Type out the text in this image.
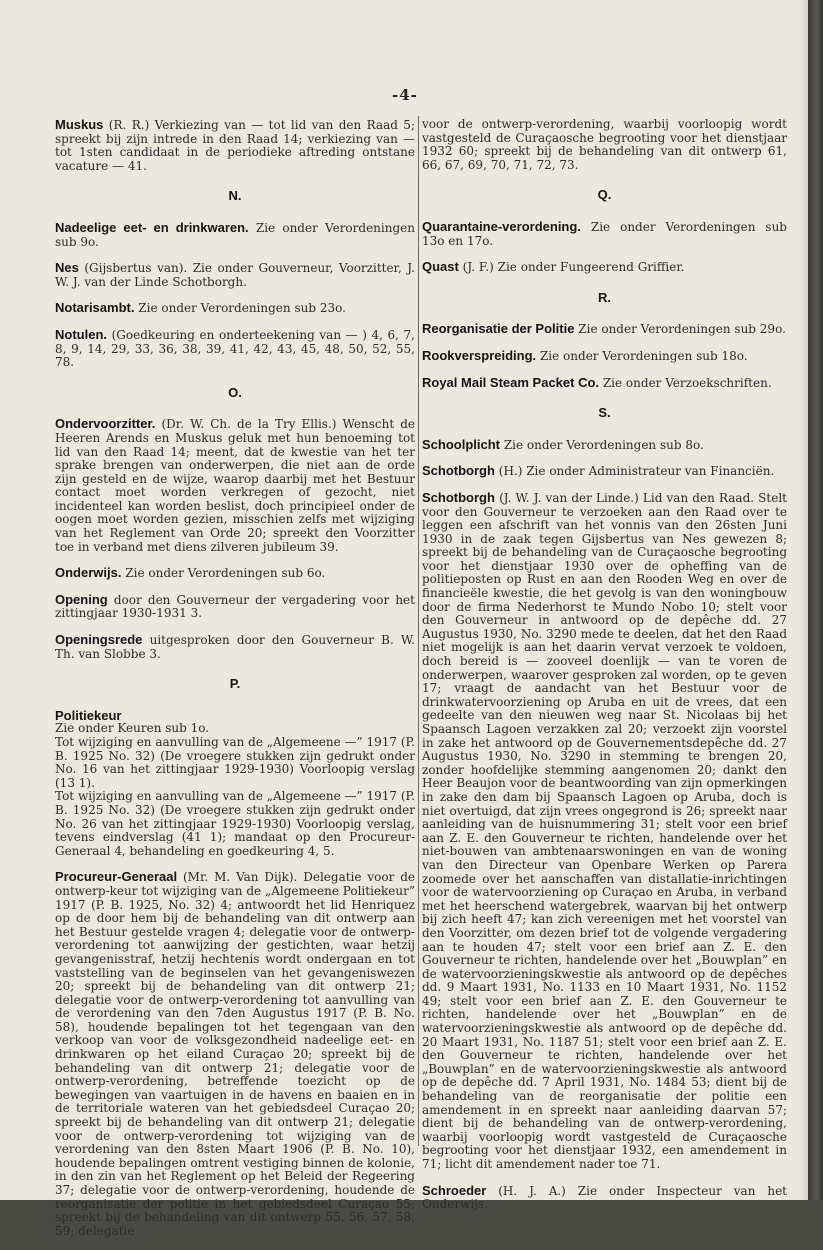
-4-
Muskus (R. R.) Verkiezing van — tot lid van den Raad 5; spreekt bij zijn intrede in den Raad 14; verkiezing van — tot 1sten candidaat in de periodieke aftreding ontstane vacature — 41.
N.
Nadeelige eet- en drinkwaren. Zie onder Verordeningen sub 9o.
Nes (Gijsbertus van). Zie onder Gouverneur, Voorzitter, J. W. J. van der Linde Schotborgh.
Notarisambt. Zie onder Verordeningen sub 23o.
Notulen. (Goedkeuring en onderteekening van — ) 4, 6, 7, 8, 9, 14, 29, 33, 36, 38, 39, 41, 42, 43, 45, 48, 50, 52, 55, 78.
O.
Ondervoorzitter. (Dr. W. Ch. de la Try Ellis.) Wenscht de Heeren Arends en Muskus geluk met hun benoeming tot lid van den Raad 14; meent, dat de kwestie van het ter sprake brengen van onderwerpen, die niet aan de orde zijn gesteld en de wijze, waarop daarbij met het Bestuur contact moet worden verkregen of gezocht, niet incidenteel kan worden beslist, doch principieel onder de oogen moet worden gezien, misschien zelfs met wijziging van het Reglement van Orde 20; spreekt den Voorzitter toe in verband met diens zilveren jubileum 39.
Onderwijs. Zie onder Verordeningen sub 6o.
Opening door den Gouverneur der vergadering voor het zittingjaar 1930-1931 3.
Openingsrede uitgesproken door den Gouverneur B. W. Th. van Slobbe 3.
P.
Politiekeur
Zie onder Keuren sub 1o.
Tot wijziging en aanvulling van de „Algemeene —” 1917 (P. B. 1925 No. 32) (De vroegere stukken zijn gedrukt onder No. 16 van het zittingjaar 1929-1930) Voorloopig verslag (13 1).
Tot wijziging en aanvulling van de „Algemeene —” 1917 (P. B. 1925 No. 32) (De vroegere stukken zijn gedrukt onder No. 26 van het zittingjaar 1929-1930) Voorloopig verslag, tevens eindverslag (41 1); mandaat op den Procureur-Generaal 4, behandeling en goedkeuring 4, 5.
Procureur-Generaal (Mr. M. Van Dijk). Delegatie voor de ontwerp-keur tot wijziging van de „Algemeene Politiekeur” 1917 (P. B. 1925, No. 32) 4; antwoordt het lid Henriquez op de door hem bij de behandeling van dit ontwerp aan het Bestuur gestelde vragen 4; delegatie voor de ontwerp-verordening tot aanwijzing der gestichten, waar hetzij gevangenisstraf, hetzij hechtenis wordt ondergaan en tot vaststelling van de beginselen van het gevangeniswezen 20; spreekt bij de behandeling van dit ontwerp 21; delegatie voor de ontwerp-verordening tot aanvulling van de verordening van den 7den Augustus 1917 (P. B. No. 58), houdende bepalingen tot het tegengaan van den verkoop van voor de volksgezondheid nadeelige eet- en drinkwaren op het eiland Curaçao 20; spreekt bij de behandeling van dit ontwerp 21; delegatie voor de ontwerp-verordening, betreffende toezicht op de bewegingen van vaartuigen in de havens en baaien en in de territoriale wateren van het gebiedsdeel Curaçao 20; spreekt bij de behandeling van dit ontwerp 21; delegatie voor de ontwerp-verordening tot wijziging van de verordening van den 8sten Maart 1906 (P. B. No. 10), houdende bepalingen omtrent vestiging binnen de kolonie, in den zin van het Reglement op het Beleid der Regeering 37; delegatie voor de ontwerp-verordening, houdende de reorganisatie der politie in het gebiedsdeel Curaçao 55; spreekt bij de behandeling van dit ontwerp 55, 56, 57, 58, 59; delegatie
voor de ontwerp-verordening, waarbij voorloopig wordt vastgesteld de Curaçaosche begrooting voor het dienstjaar 1932 60; spreekt bij de behandeling van dit ontwerp 61, 66, 67, 69, 70, 71, 72, 73.
Q.
Quarantaine-verordening. Zie onder Verordeningen sub 13o en 17o.
Quast (J. F.) Zie onder Fungeerend Griffier.
R.
Reorganisatie der Politie Zie onder Verordeningen sub 29o.
Rookverspreiding. Zie onder Verordeningen sub 18o.
Royal Mail Steam Packet Co. Zie onder Verzoekschriften.
S.
Schoolplicht Zie onder Verordeningen sub 8o.
Schotborgh (H.) Zie onder Administrateur van Financiën.
Schotborgh (J. W. J. van der Linde.) Lid van den Raad. Stelt voor den Gouverneur te verzoeken aan den Raad over te leggen een afschrift van het vonnis van den 26sten Juni 1930 in de zaak tegen Gijsbertus van Nes gewezen 8; spreekt bij de behandeling van de Curaçaosche begrooting voor het dienstjaar 1930 over de opheffing van de politieposten op Rust en aan den Rooden Weg en over de financieële kwestie, die het gevolg is van den woningbouw door de firma Nederhorst te Mundo Nobo 10; stelt voor den Gouverneur in antwoord op de depêche dd. 27 Augustus 1930, No. 3290 mede te deelen, dat het den Raad niet mogelijk is aan het daarin vervat verzoek te voldoen, doch bereid is — zooveel doenlijk — van te voren de onderwerpen, waarover gesproken zal worden, op te geven 17; vraagt de aandacht van het Bestuur voor de drinkwatervoorziening op Aruba en uit de vrees, dat een gedeelte van den nieuwen weg naar St. Nicolaas bij het Spaansch Lagoen verzakken zal 20; verzoekt zijn voorstel in zake het antwoord op de Gouvernementsdepêche dd. 27 Augustus 1930, No. 3290 in stemming te brengen 20, zonder hoofdelijke stemming aangenomen 20; dankt den Heer Beaujon voor de beantwoording van zijn opmerkingen in zake den dam bij Spaansch Lagoen op Aruba, doch is niet overtuigd, dat zijn vrees ongegrond is 26; spreekt naar aanleiding van de huisnummering 31; stelt voor een brief aan Z. E. den Gouverneur te richten, handelende over het niet-bouwen van ambtenaarswoningen en van de woning van den Directeur van Openbare Werken op Parera zoomede over het aanschaffen van distallatie-inrichtingen voor de watervoorziening op Curaçao en Aruba, in verband met het heerschend watergebrek, waarvan bij het ontwerp bij zich heeft 47; kan zich vereenigen met het voorstel van den Voorzitter, om dezen brief tot de volgende vergadering aan te houden 47; stelt voor een brief aan Z. E. den Gouverneur te richten, handelende over het „Bouwplan” en de watervoorzieningskwestie als antwoord op de depêches dd. 9 Maart 1931, No. 1133 en 10 Maart 1931, No. 1152 49; stelt voor een brief aan Z. E. den Gouverneur te richten, handelende over het „Bouwplan” en de watervoorzieningskwestie als antwoord op de depêche dd. 20 Maart 1931, No. 1187 51; stelt voor een brief aan Z. E. den Gouverneur te richten, handelende over het „Bouwplan” en de watervoorzieningskwestie als antwoord op de depêche dd. 7 April 1931, No. 1484 53; dient bij de behandeling van de reorganisatie der politie een amendement in en spreekt naar aanleiding daarvan 57; dient bij de behandeling van de ontwerp-verordening, waarbij voorloopig wordt vastgesteld de Curaçaosche begrooting voor het dienstjaar 1932, een amendement in 71; licht dit amendement nader toe 71.
Schroeder (H. J. A.) Zie onder Inspecteur van het Onderwijs.
